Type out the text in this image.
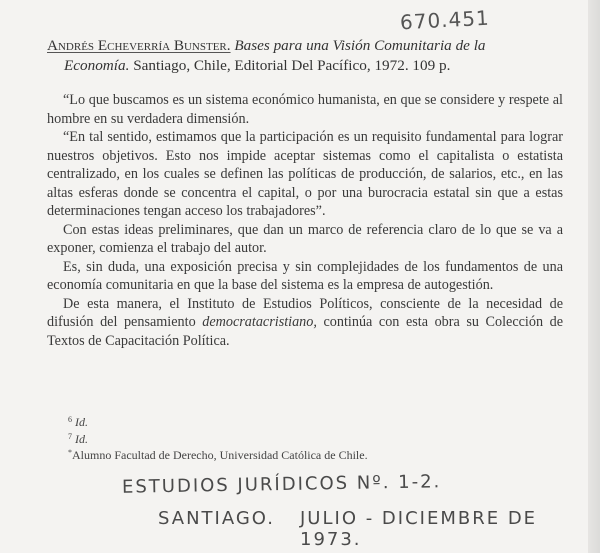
670.451
Andrés Echeverría Bunster. Bases para una Visión Comunitaria de la
Economía. Santiago, Chile, Editorial Del Pacífico, 1972. 109 p.

“Lo que buscamos es un sistema económico humanista, en que se considere y respete al hombre en su verdadera dimensión.

“En tal sentido, estimamos que la participación es un requisito fundamental para lograr nuestros objetivos. Esto nos impide aceptar sistemas como el capitalista o estatista centralizado, en los cuales se definen las políticas de producción, de salarios, etc., en las altas esferas donde se concentra el capital, o por una burocracia estatal sin que a estas determinaciones tengan acceso los trabajadores”.

Con estas ideas preliminares, que dan un marco de referencia claro de lo que se va a exponer, comienza el trabajo del autor.

Es, sin duda, una exposición precisa y sin complejidades de los fundamentos de una economía comunitaria en que la base del sistema es la empresa de autogestión.

De esta manera, el Instituto de Estudios Políticos, consciente de la necesidad de difusión del pensamiento democratacristiano, continúa con esta obra su Colección de Textos de Capacitación Política.

$^6$ Id.
$^7$ Id.
*Alumno Facultad de Derecho, Universidad Católica de Chile.
ESTUDIOS JURÍDICOS Nº. 1-2.
SANTIAGO. JULIO - DICIEMBRE DE 1973.
